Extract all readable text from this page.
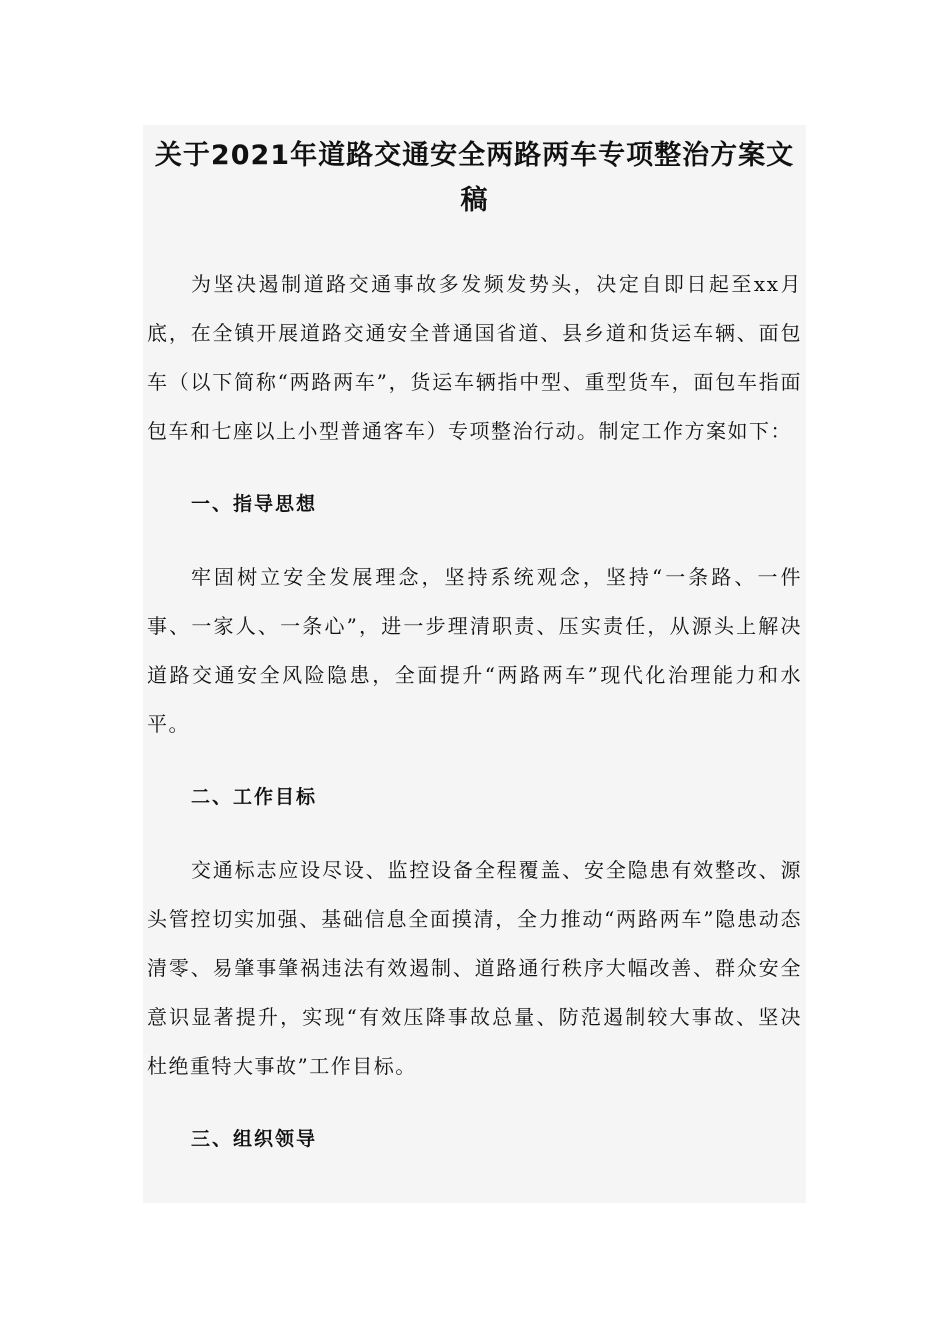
关于2021年道路交通安全两路两车专项整治方案文稿

为坚决遏制道路交通事故多发频发势头，决定自即日起至xx月底，在全镇开展道路交通安全普通国省道、县乡道和货运车辆、面包车（以下简称“两路两车”，货运车辆指中型、重型货车，面包车指面包车和七座以上小型普通客车）专项整治行动。制定工作方案如下：

一、指导思想

牢固树立安全发展理念，坚持系统观念，坚持“一条路、一件事、一家人、一条心”，进一步理清职责、压实责任，从源头上解决道路交通安全风险隐患，全面提升“两路两车”现代化治理能力和水平。

二、工作目标

交通标志应设尽设、监控设备全程覆盖、安全隐患有效整改、源头管控切实加强、基础信息全面摸清，全力推动“两路两车”隐患动态清零、易肇事肇祸违法有效遏制、道路通行秩序大幅改善、群众安全意识显著提升，实现“有效压降事故总量、防范遏制较大事故、坚决杜绝重特大事故”工作目标。

三、组织领导
